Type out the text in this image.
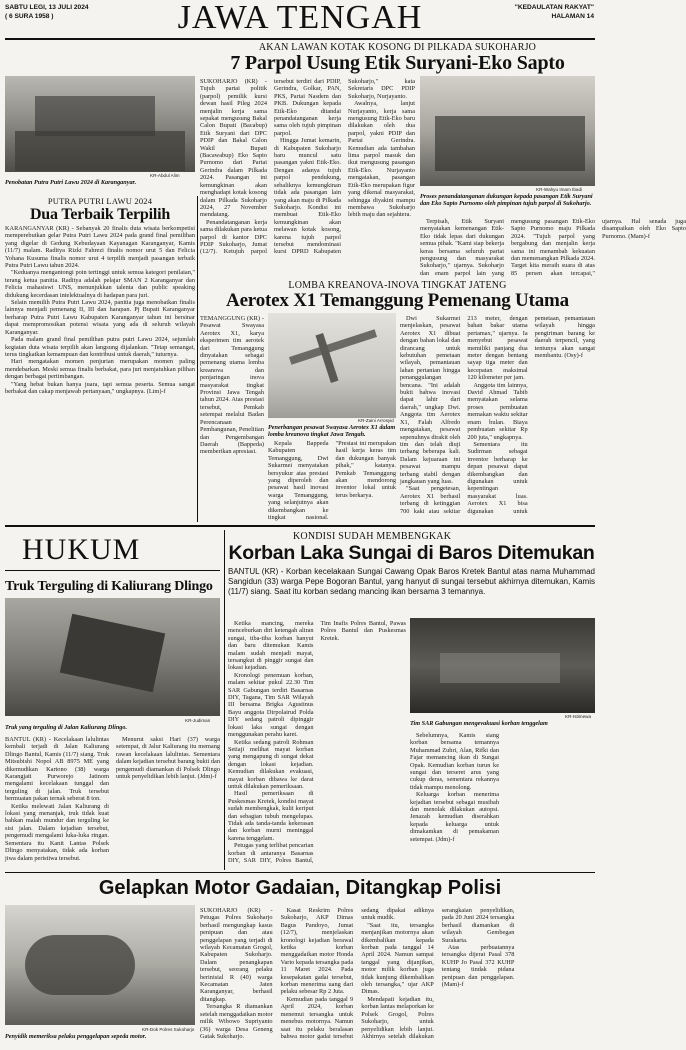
SABTU LEGI, 13 JULI 2024
( 6 SURA 1958 )	JAWA TENGAH	"KEDAULATAN RAKYAT"
HALAMAN 14
AKAN LAWAN KOTAK KOSONG DI PILKADA SUKOHARJO
7 Parpol Usung Etik Suryani-Eko Sapto
KR-Abdul Alim
Penobatan Putra Putri Lawu 2024 di Karanganyar.

SUKOHARJO (KR) - Tujuh partai politik (parpol) pemilik kursi dewan hasil Pileg 2024 menjalin kerja sama sepakat mengusung Bakal Calon Bupati (Bacabup) Etik Suryani dari DPC PDIP dan Bakal Calon Wakil Bupati (Bacawabup) Eko Sapto Purnomo dari Partai Gerindra dalam Pilkada 2024. Pasangan ini kemungkinan akan menghadapi kotak kosong dalam Pilkada Sukoharjo 2024, 27 November mendatang.

Penandatanganan kerja sama dilakukan para ketua parpol di kantor DPC PDIP Sukoharjo, Jumat (12/7). Ketujuh parpol tersebut terdiri dari PDIP, Gerindra, Golkar, PAN, PKS, Partai Nasdem dan PKB. Dukungan kepada Etik-Eko ditandai penandatanganan kerja sama oleh tujuh pimpinan parpol.

Hingga Jumat kemarin, di Kabupaten Sukoharjo baru muncul satu pasangan yakni Etik-Eko. Dengan adanya tujuh parpol pendukung, sebaliknya kemungkinan tidak ada pasangan lain yang akan maju di Pilkada Sukoharjo. Kondisi ini membuat Etik-Eko kemungkinan akan melawan kotak kosong, karena tujuh parpol tersebut mendominasi kursi DPRD Kabupaten Sukoharjo," kata Sekretaris DPC PDIP Sukoharjo, Nurjayanto.

Awalnya, lanjut Nurjayanto, kerja sama mengusung Etik-Eko baru dilakukan oleh dua parpol, yakni PDIP dan Partai Gerindra. Kemudian ada tambahan lima parpol masuk dan ikut mengusung pasangan Etik-Eko. Nurjayanto mengatakan, pasangan Etik-Eko merupakan figur yang dikenal masyarakat, sehingga diyakini mampu membawa Sukoharjo lebih maju dan sejahtera.

KR-Wahyu Imam Ibadi
Proses penandatanganan dukungan kepada pasangan Etik Suryani dan Eko Sapto Purnomo oleh pimpinan tujuh parpol di Sukoharjo.

Terpisah, Etik Suryani menyatakan kemenangan Etik-Eko tidak lepas dari dukungan semua pihak. "Kami siap bekerja keras bersama seluruh partai pengusung dan masyarakat Sukoharjo," ujarnya. Sukoharjo dan enam parpol lain yang mengusung pasangan Etik-Eko Sapto Purnomo maju Pilkada 2024. "Tujuh parpol yang bergabung dan menjalin kerja sama ini menambah kekuatan dan memenangkan Pilkada 2024. Target kita meraih suara di atas 85 persen akan tercapai," ujarnya. Hal senada juga disampaikan oleh Eko Sapto Purnomo. (Mam)-f

PUTRA PUTRI LAWU 2024
Dua Terbaik Terpilih

KARANGANYAR (KR) - Sebanyak 20 finalis duta wisata berkompetisi memperebutkan gelar Putra Putri Lawu 2024 pada grand final pemilihan yang digelar di Gedung Kebudayaan Kayanagan Karanganyar, Kamis (11/7) malam. Raditya Rizki Fahrezi finalis nomor urut 5 dan Felicia Yohana Kusuma finalis nomor urut 4 terpilih menjadi pasangan terbaik Putra Putri Lawu tahun 2024.

"Keduanya mengantongi poin tertinggi untuk semua kategori penilaian," terang ketua panitia. Raditya adalah pelajar SMAN 2 Karanganyar dan Felicia mahasiswi UNS, menunjukkan talenta dan public speaking didukung kecerdasan intelektualnya di hadapan para juri.

Selain memilih Putra Putri Lawu 2024, panitia juga menobatkan finalis lainnya menjadi pemenang II, III dan harapan. Pj Bupati Karanganyar berharap Putra Putri Lawu Kabupaten Karanganyar tahun ini bersinar dapat mempromosikan potensi wisata yang ada di seluruh wilayah Karanganyar.

Pada malam grand final pemilihan putra putri Lawu 2024, sejumlah kegiatan duta wisata terpilih akan langsung dijalankan. "Tetap semangat, terus tingkatkan kemampuan dan kontribusi untuk daerah," tuturnya.

Hari mengatakan momen penjurian merupakan momen paling mendebarkan. Meski semua finalis berbakat, para juri menjatuhkan pilihan dengan berbagai pertimbangan.

"Yang hebat bukan hanya juara, tapi semua peserta. Semua sangat berbakat dan cakap menjawab pertanyaan," ungkapnya. (Lim)-f

LOMBA KREANOVA-INOVA TINGKAT JATENG
Aerotex X1 Temanggung Pemenang Utama

TEMANGGUNG (KR) - Pesawat Swayasa Aerotex X1, karya eksperimen tim aerotek dari Temanggung dinyatakan sebagai pemenang utama lomba kreanova dan penjaringan inova masyarakat tingkat Provinsi Jawa Tengah tahun 2024. Atas prestasi tersebut, Pemkab setempat melalui Badan Perencanaan Pembangunan, Penelitian dan Pengembangan Daerah (Bappeda) memberikan apresiasi.

KR-Zaini Arrosyid
Penerbangan pesawat Swayasa Aerotex X1 dalam lomba kreanova tingkat Jawa Tengah.

Kepala Bappeda Kabupaten Temanggung, Dwi Sukarmei menyatakan bersyukur atas prestasi yang diperoleh dan pesawat hasil inovasi warga Temanggung, yang selanjutnya akan dikembangkan ke tingkat nasional. "Prestasi ini merupakan hasil kerja keras tim dan dukungan banyak pihak," katanya. Pemkab Temanggung akan mendorong inventor lokal untuk terus berkarya.

Dwi Sukarmei menjelaskan, pesawat Aerotex X1 dibuat dengan bahan lokal dan dirancang untuk kebutuhan pemetaan wilayah, pemantauan lahan pertanian hingga penanggulangan bencana. "Ini adalah bukti bahwa inovasi dapat lahir dari daerah," ungkap Dwi. Anggota tim Aerotex X1, Falah Alfredo mengatakan, pesawat sepenuhnya dirakit oleh tim dan telah diuji terbang beberapa kali. Dalam kejuaraan ini pesawat mampu terbang stabil dengan jangkauan yang luas.

"Saat pengetesan, Aerotex X1 berhasil terbang di ketinggian 700 kaki atau sekitar 213 meter, dengan bahan bakar utama pertamax," ujarnya. Ia menyebut pesawat memiliki panjang dua meter dengan bentang sayap tiga meter dan kecepatan maksimal 120 kilometer per jam.

Anggota tim lainnya, David Ahmad Tabib menyatakan selama proses pembuatan memakan waktu sekitar enam bulan. Biaya pembuatan sekitar Rp 200 juta," ungkapnya.

Sementara itu Sudirman sebagai inventor berharap ke depan pesawat dapat dikembangkan dan digunakan untuk kepentingan masyarakat luas. Aerotex X1 bisa digunakan untuk pemetaan, pemantauan wilayah hingga pengiriman barang ke daerah terpencil, yang tentunya akan sangat membantu. (Osy)-f

HUKUM
Truk Terguling di Kaliurang Dlingo
KR-Judiman
Truk yang terguling di Jalan Kaliurang Dlingo.

BANTUL (KR) - Kecelakaan lalulintas kembali terjadi di Jalan Kaliurang Dlingo Bantul, Kamis (11/7) siang. Truk Mitsubishi Nopol AB 8975 ME yang dikemudikan Kartono (38) warga Karangjati Purworejo Jatinom mengalami kecelakaan tunggal dan terguling di jalan. Truk tersebut bermuatan pakan ternak seberat 8 ton.

Ketika melewati Jalan Kaliurang di lokasi yang menanjak, truk tidak kuat bahkan malah mundur dan terguling ke sisi jalan. Dalam kejadian tersebut, pengemudi mengalami luka-luka ringan. Sementara itu Kanit Lantas Polsek Dlingo menyatakan, tidak ada korban jiwa dalam peristiwa tersebut.

Menurut saksi Hari (37) warga setempat, di Jalur Kaliurang itu memang rawan kecelakaan lalulintas. Sementara dalam kejadian tersebut barang bukti dan pengemudi diamankan di Polsek Dlingo untuk penyelidikan lebih lanjut. (Jdm)-f

KONDISI SUDAH MEMBENGKAK
Korban Laka Sungai di Baros Ditemukan
BANTUL (KR) - Korban kecelakaan Sungai Cawang Opak Baros Kretek Bantul atas nama Muhammad Sangidun (33) warga Pepe Bogoran Bantul, yang hanyut di sungai tersebut akhirnya ditemukan, Kamis (11/7) siang. Saat itu korban sedang mancing ikan bersama 3 temannya.

Ketika mancing, mereka menceburkan diri ketengah aliran sungai, tiba-tiba korban hanyut dan baru ditemukan Kamis malam sudah menjadi mayat, tersangkut di pinggir sungai dan lokasi kejadian.

Kronologi penemuan korban, malam sekitar pukul 22.30 Tim SAR Gabungan terdiri Basarnas DIY, Tagana, Tim SAR Wilayah III bersama Brigka Agustinus Bayu anggota Dirpolairud Polda DIY sedang patroli dipinggir lokasi laka sungai dengan menggunakan perahu karet.

Ketika sedang patroli Rohman Setiaji melihat mayat korban yang mengapung di sungai dekat dengan lokasi kejadian. Kemudian dilakukan evakuasi, mayat korban dibawa ke darat untuk dilakukan pemeriksaan.

Hasil pemeriksaan di Puskesmas Kretek, kondisi mayat sudah membengkak, kulit keriput dan sebagian tubuh mengelupas. Tidak ada tanda-tanda kekerasan dan korban murni meninggal karena tenggelam.

Petugas yang terlibat pencarian korban di antaranya Basarnas DIY, SAR DIY, Polres Bantul, Tim Inafis Polres Bantul, Pawas Polres Bantul dan Puskesmas Kretek.

KR-Istimewa
Tim SAR Gabungan mengevakuasi korban tenggelam

Sebelumnya, Kamis siang korban bersama temannya Muhammad Zuhri, Alan, Rifki dan Fajar memancing ikan di Sungai Opak. Kemudian korban turun ke sungai dan terseret arus yang cukup deras, sementara rekannya tidak mampu menolong.

Keluarga korban menerima kejadian tersebut sebagai musibah dan menolak dilakukan autopsi. Jenazah kemudian diserahkan kepada keluarga untuk dimakamkan di pemakaman setempat. (Jdm)-f

Gelapkan Motor Gadaian, Ditangkap Polisi
KR-Dok Polres Sukoharjo
Penyidik memeriksa pelaku penggelapan sepeda motor.

SUKOHARJO (KR) - Petugas Polres Sukoharjo berhasil mengungkap kasus penipuan dan atau penggelapan yang terjadi di wilayah Kecamatan Grogol, Kabupaten Sukoharjo. Dalam penangkapan tersebut, seorang pelaku berinisial R (40) warga Kecamatan Jaten Karanganyar, berhasil ditangkap.

Tersangka R diamankan setelah menggadaikan motor milik Wibowo Supriyanto (36) warga Desa Geneng Gatak Sukoharjo.

Kasat Reskrim Polres Sukoharjo, AKP Dimas Bagus Pandoyo, Jumat (12/7), menjelaskan kronologi kejadian berawal ketika korban menggadaikan motor Honda Vario kepada tersangka pada 11 Maret 2024. Pada kesepakatan gadai tersebut, korban menerima uang dari pelaku sebesar Rp 2 Juta.

Kemudian pada tanggal 9 April 2024, korban menemui tersangka untuk menebus motornya. Namun saat itu pelaku beralasan bahwa motor gadai tersebut sedang dipakai adiknya untuk mudik.

"Saat itu, tersangka menjanjikan motornya akan dikembalikan kepada korban pada tanggal 14 April 2024. Namun sampai tanggal yang dijanjikan, motor milik korban juga tidak kunjung dikembalikan oleh tersangka," ujar AKP Dimas.

Mendapati kejadian itu, korban lantas melaporkan ke Polsek Grogol, Polres Sukoharjo, untuk penyelidikan lebih lanjut. Akhirnya setelah dilakukan serangkaian penyelidikan, pada 20 Juni 2024 tersangka berhasil diamankan di wilayah Gembegan Surakarta.

Atas perbuatannya tersangka dijerat Pasal 378 KUHP Jo Pasal 372 KUHP tentang tindak pidana penipuan dan penggelapan. (Mam)-f
